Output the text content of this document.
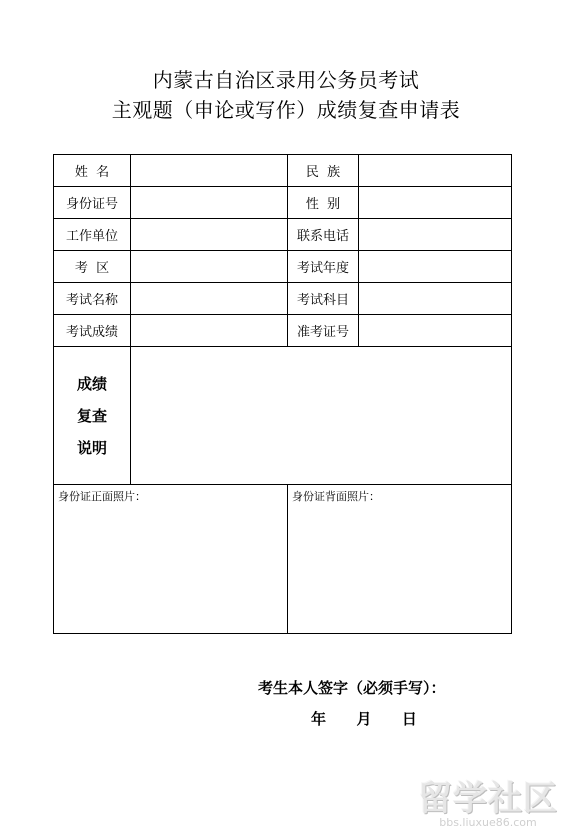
内蒙古自治区录用公务员考试
主观题（申论或写作）成绩复查申请表
姓  名		民  族	
身份证号		性  别	
工作单位		联系电话	
考  区		考试年度	
考试名称		考试科目	
考试成绩		准考证号	

成绩
复查
说明			

身份证正面照片：		身份证背面照片：	
考生本人签字（必须手写）：
年  月  日
留学社区
bbs.liuxue86.com
